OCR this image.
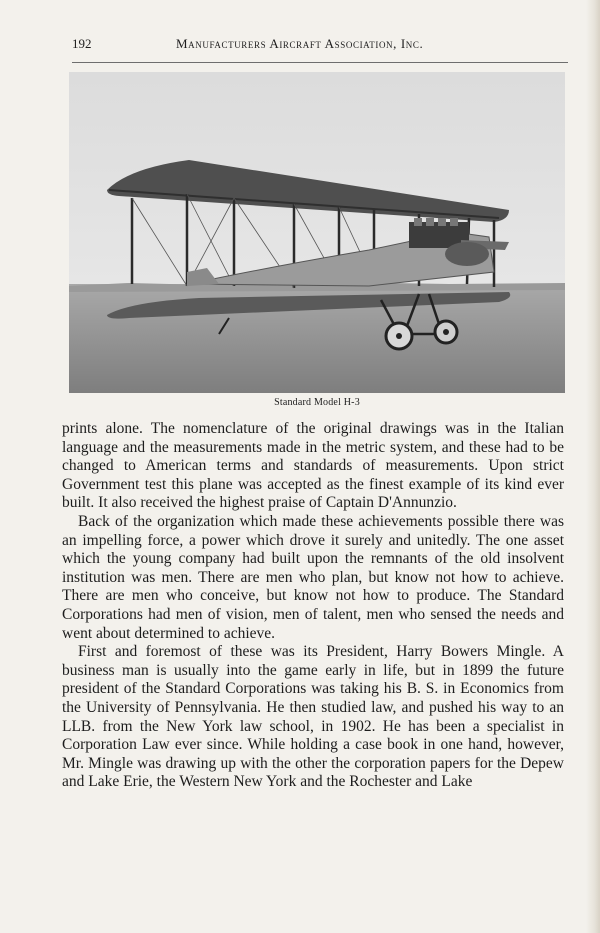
192	Manufacturers Aircraft Association, Inc.
Standard Model H-3

prints alone. The nomenclature of the original drawings was in the Italian language and the measurements made in the metric system, and these had to be changed to American terms and standards of measurements. Upon strict Government test this plane was accepted as the finest example of its kind ever built. It also received the highest praise of Captain D'Annunzio.

Back of the organization which made these achievements possible there was an impelling force, a power which drove it surely and unitedly. The one asset which the young company had built upon the remnants of the old insolvent institution was men. There are men who plan, but know not how to achieve. There are men who conceive, but know not how to produce. The Standard Corporations had men of vision, men of talent, men who sensed the needs and went about determined to achieve.

First and foremost of these was its President, Harry Bowers Mingle. A business man is usually into the game early in life, but in 1899 the future president of the Standard Corporations was taking his B. S. in Economics from the University of Pennsylvania. He then studied law, and pushed his way to an LLB. from the New York law school, in 1902. He has been a specialist in Corporation Law ever since. While holding a case book in one hand, however, Mr. Mingle was drawing up with the other the corporation papers for the Depew and Lake Erie, the Western New York and the Rochester and Lake
